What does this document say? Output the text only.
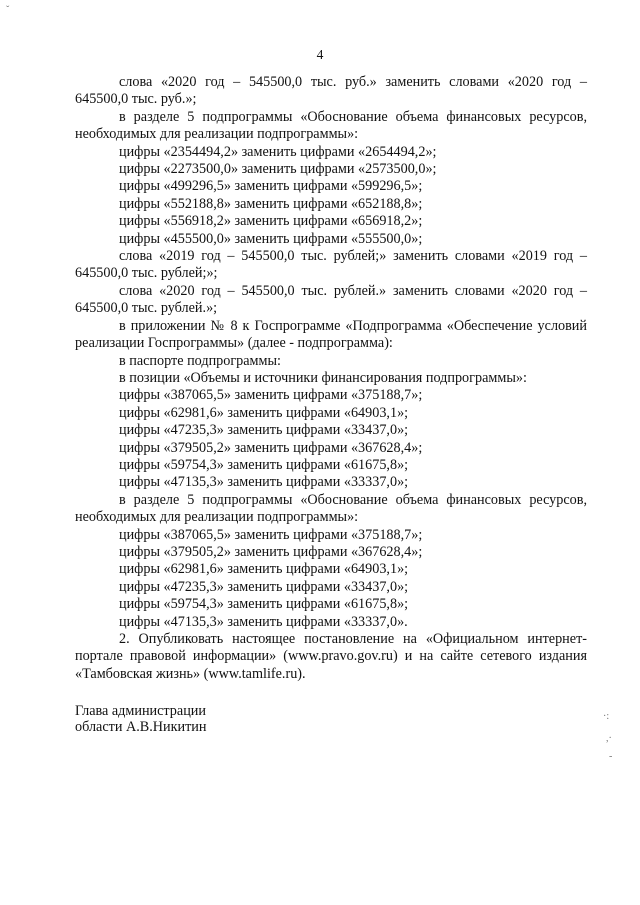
4

слова «2020 год – 545500,0 тыс. руб.» заменить словами «2020 год – 645500,0 тыс. руб.»;

в разделе 5 подпрограммы «Обоснование объема финансовых ресурсов, необходимых для реализации подпрограммы»:

цифры «2354494,2» заменить цифрами «2654494,2»;

цифры «2273500,0» заменить цифрами «2573500,0»;

цифры «499296,5» заменить цифрами «599296,5»;

цифры «552188,8» заменить цифрами «652188,8»;

цифры «556918,2» заменить цифрами «656918,2»;

цифры «455500,0» заменить цифрами «555500,0»;

слова «2019 год – 545500,0 тыс. рублей;» заменить словами «2019 год – 645500,0 тыс. рублей;»;

слова «2020 год – 545500,0 тыс. рублей.» заменить словами «2020 год – 645500,0 тыс. рублей.»;

в приложении № 8 к Госпрограмме «Подпрограмма «Обеспечение условий реализации Госпрограммы» (далее - подпрограмма):

в паспорте подпрограммы:

в позиции «Объемы и источники финансирования подпрограммы»:

цифры «387065,5» заменить цифрами «375188,7»;

цифры «62981,6» заменить цифрами «64903,1»;

цифры «47235,3» заменить цифрами «33437,0»;

цифры «379505,2» заменить цифрами «367628,4»;

цифры «59754,3» заменить цифрами «61675,8»;

цифры «47135,3» заменить цифрами «33337,0»;

в разделе 5 подпрограммы «Обоснование объема финансовых ресурсов, необходимых для реализации подпрограммы»:

цифры «387065,5» заменить цифрами «375188,7»;

цифры «379505,2» заменить цифрами «367628,4»;

цифры «62981,6» заменить цифрами «64903,1»;

цифры «47235,3» заменить цифрами «33437,0»;

цифры «59754,3» заменить цифрами «61675,8»;

цифры «47135,3» заменить цифрами «33337,0».

2. Опубликовать настоящее постановление на «Официальном интернет-портале правовой информации» (www.pravo.gov.ru) и на сайте сетевого издания «Тамбовская жизнь» (www.tamlife.ru).

Глава администрации
области А.В.Никитин
ˇ
·:
,·
-
